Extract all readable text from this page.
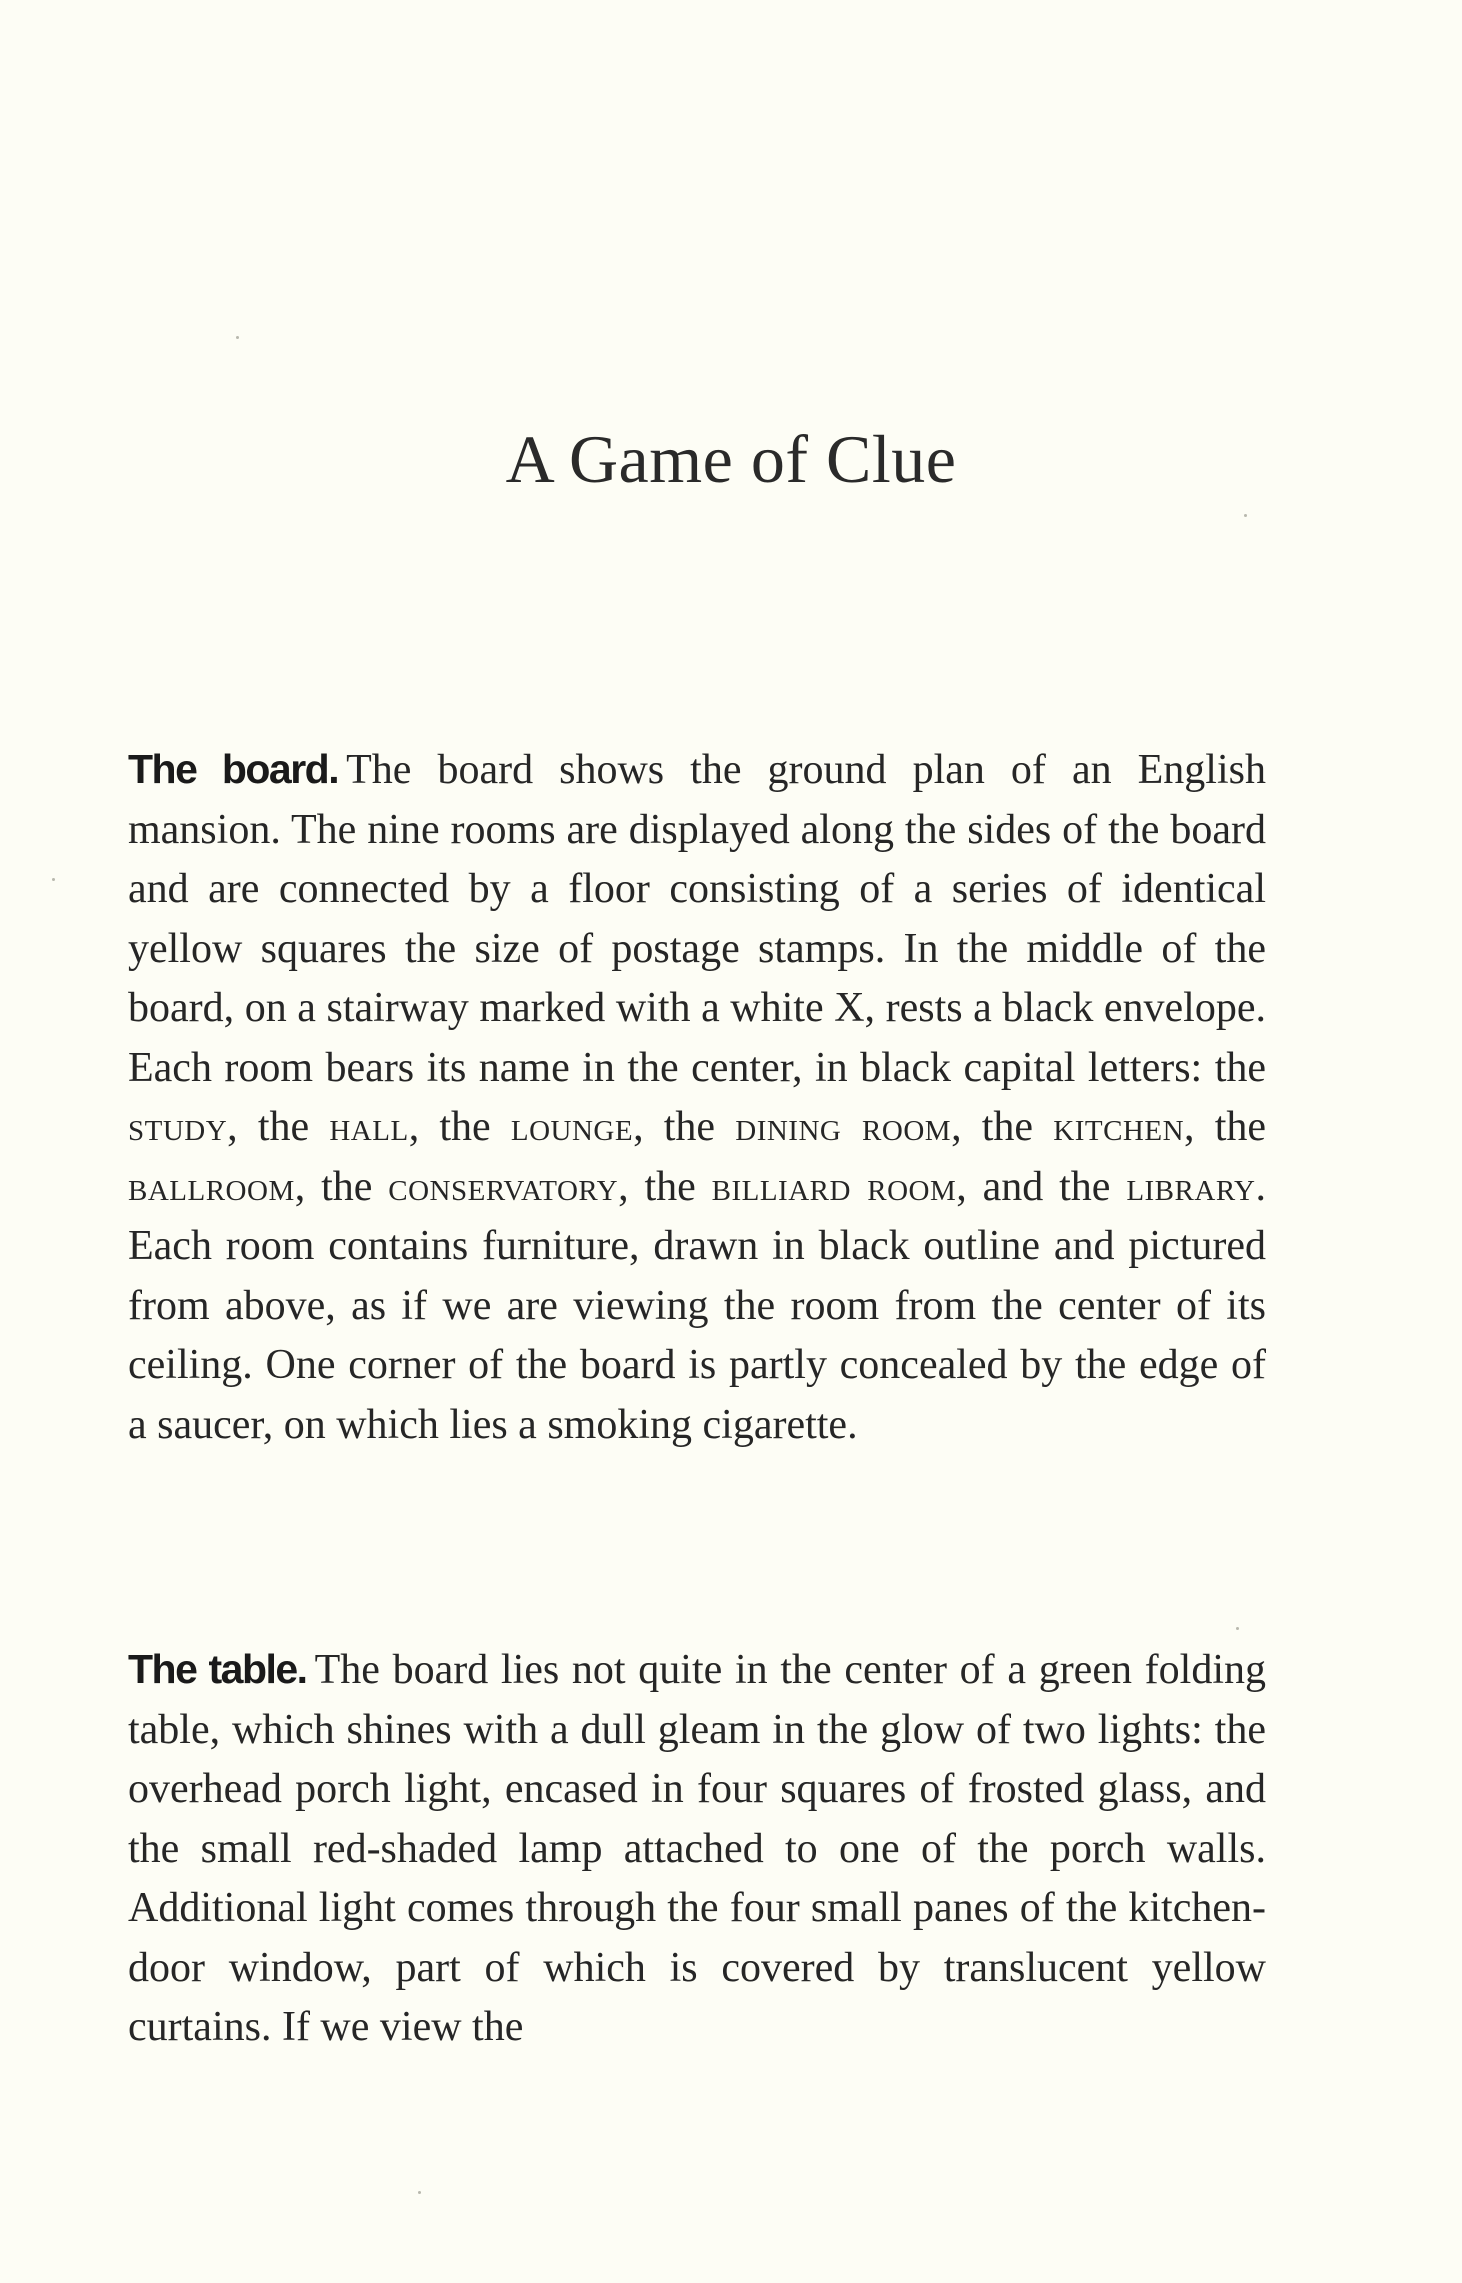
A Game of Clue

The board. The board shows the ground plan of an English mansion. The nine rooms are displayed along the sides of the board and are connected by a floor consisting of a series of identical yellow squares the size of postage stamps. In the middle of the board, on a stairway marked with a white X, rests a black envelope. Each room bears its name in the center, in black capital letters: the study, the hall, the lounge, the dining room, the kitchen, the ballroom, the conservatory, the billiard room, and the library. Each room contains furniture, drawn in black outline and pictured from above, as if we are viewing the room from the center of its ceiling. One corner of the board is partly concealed by the edge of a saucer, on which lies a smoking cigarette.

The table. The board lies not quite in the center of a green folding table, which shines with a dull gleam in the glow of two lights: the overhead porch light, encased in four squares of frosted glass, and the small red-shaded lamp attached to one of the porch walls. Additional light comes through the four small panes of the kitchen-door window, part of which is covered by translucent yellow curtains. If we view the
